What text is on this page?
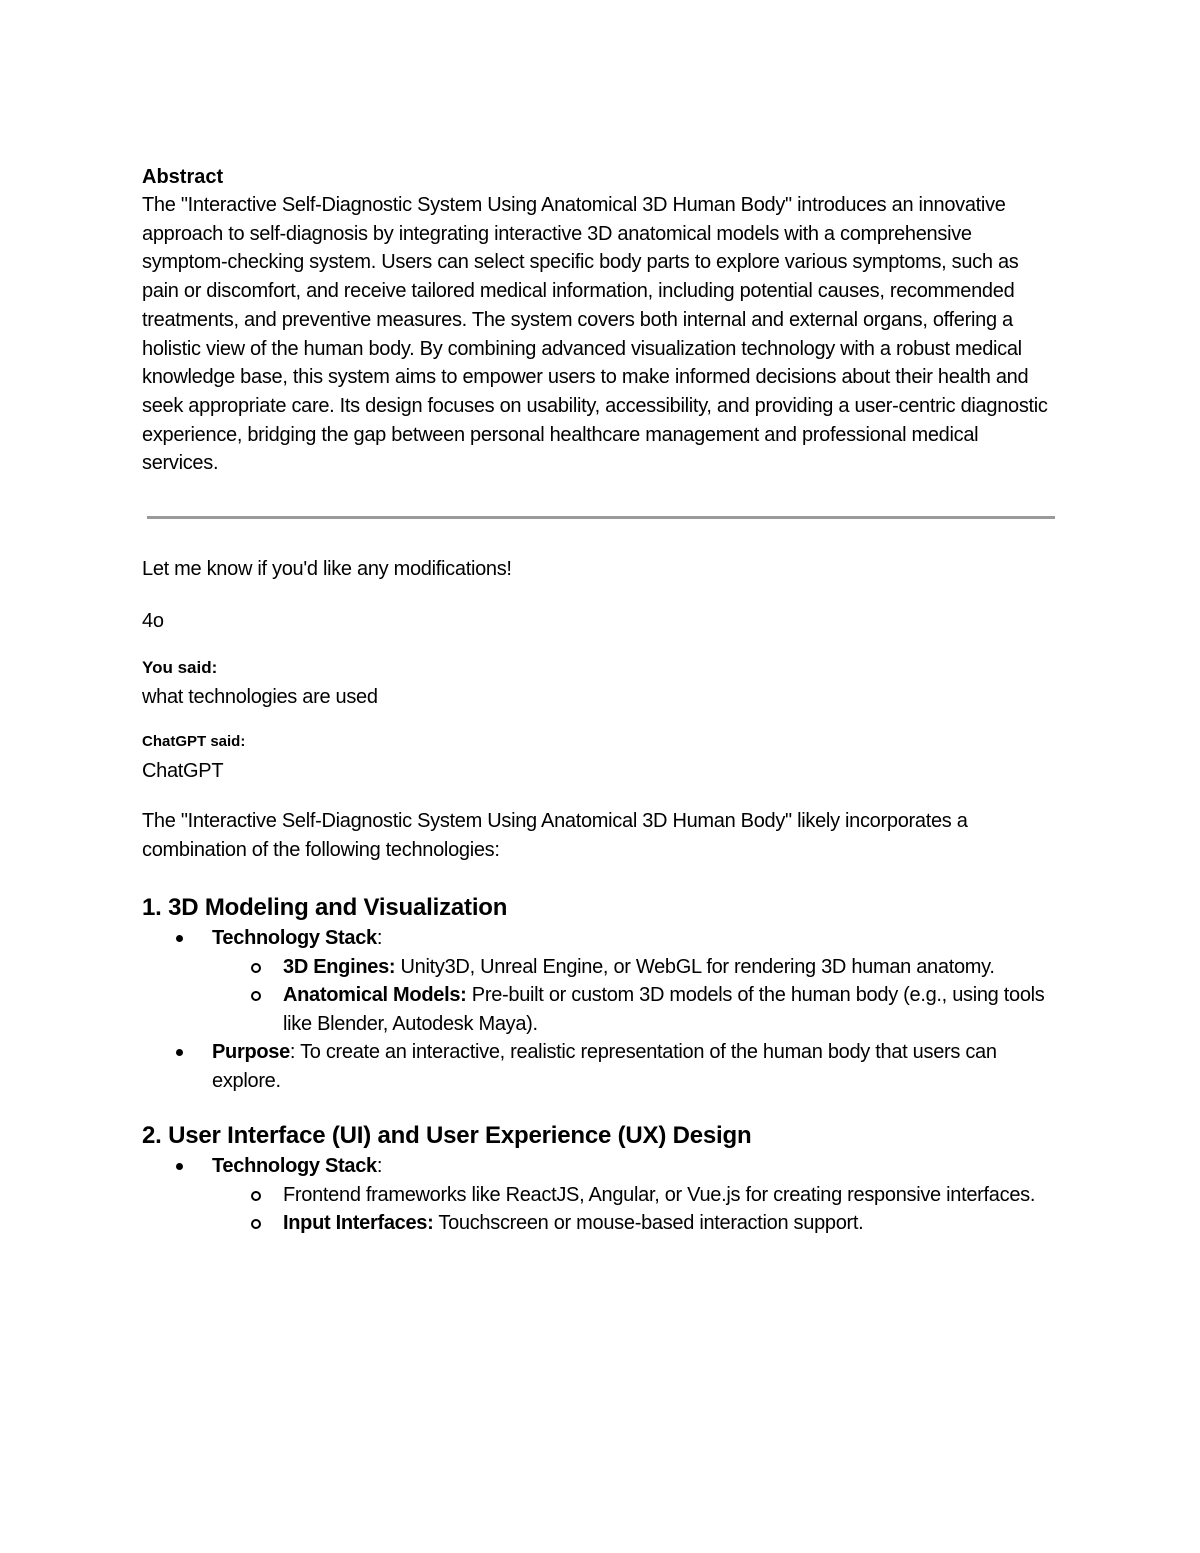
Abstract

The "Interactive Self-Diagnostic System Using Anatomical 3D Human Body" introduces an innovative approach to self-diagnosis by integrating interactive 3D anatomical models with a comprehensive symptom-checking system. Users can select specific body parts to explore various symptoms, such as pain or discomfort, and receive tailored medical information, including potential causes, recommended treatments, and preventive measures. The system covers both internal and external organs, offering a holistic view of the human body. By combining advanced visualization technology with a robust medical knowledge base, this system aims to empower users to make informed decisions about their health and seek appropriate care. Its design focuses on usability, accessibility, and providing a user-centric diagnostic experience, bridging the gap between personal healthcare management and professional medical services.

Let me know if you'd like any modifications!

4o

You said:

what technologies are used

ChatGPT said:

ChatGPT

The "Interactive Self-Diagnostic System Using Anatomical 3D Human Body" likely incorporates a combination of the following technologies:

1. 3D Modeling and Visualization
Technology Stack:
3D Engines: Unity3D, Unreal Engine, or WebGL for rendering 3D human anatomy.
Anatomical Models: Pre-built or custom 3D models of the human body (e.g., using tools like Blender, Autodesk Maya).
Purpose: To create an interactive, realistic representation of the human body that users can explore.
2. User Interface (UI) and User Experience (UX) Design
Technology Stack:
Frontend frameworks like ReactJS, Angular, or Vue.js for creating responsive interfaces.
Input Interfaces: Touchscreen or mouse-based interaction support.
